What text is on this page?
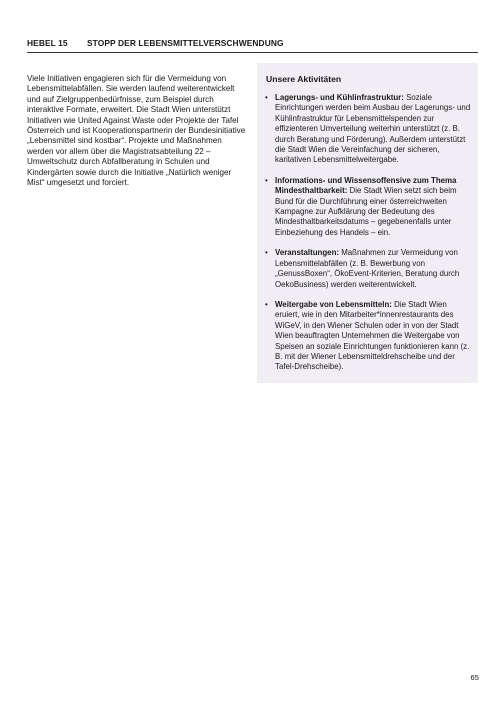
HEBEL 15 STOPP DER LEBENSMITTELVERSCHWENDUNG

Viele Initiativen engagieren sich für die Vermeidung von Lebensmittelabfällen. Sie werden laufend weiterentwickelt und auf Zielgruppenbedürfnisse, zum Beispiel durch interaktive Formate, erweitert. Die Stadt Wien unterstützt Initiativen wie United Against Waste oder Projekte der Tafel Österreich und ist Kooperationspartnerin der Bundesinitiative „Lebensmittel sind kostbar“. Projekte und Maßnahmen werden vor allem über die Magistratsabteilung 22 – Umweltschutz durch Abfallberatung in Schulen und Kindergärten sowie durch die Initiative „Natürlich weniger Mist“ umgesetzt und forciert.

Unsere Aktivitäten
• Lagerungs- und Kühlinfrastruktur: Soziale Einrichtungen werden beim Ausbau der Lagerungs- und Kühlinfrastruktur für Lebensmittelspenden zur effizienteren Umverteilung weiterhin unterstützt (z. B. durch Beratung und Förderung). Außerdem unterstützt die Stadt Wien die Vereinfachung der sicheren, karitativen Lebensmittelweitergabe.
• Informations- und Wissensoffensive zum Thema Mindesthaltbarkeit: Die Stadt Wien setzt sich beim Bund für die Durchführung einer österreichweiten Kampagne zur Aufklärung der Bedeutung des Mindesthaltbarkeitsdatums – gegebenenfalls unter Einbeziehung des Handels – ein.
• Veranstaltungen: Maßnahmen zur Vermeidung von Lebensmittelabfällen (z. B. Bewerbung von „GenussBoxen“, ÖkoEvent-Kriterien, Beratung durch OekoBusiness) werden weiterentwickelt.
• Weitergabe von Lebensmitteln: Die Stadt Wien eruiert, wie in den Mitarbeiter*innenrestaurants des WiGeV, in den Wiener Schulen oder in von der Stadt Wien beauftragten Unternehmen die Weitergabe von Speisen an soziale Einrichtungen funktionieren kann (z. B. mit der Wiener Lebensmitteldrehscheibe und der Tafel-Drehscheibe).
65
